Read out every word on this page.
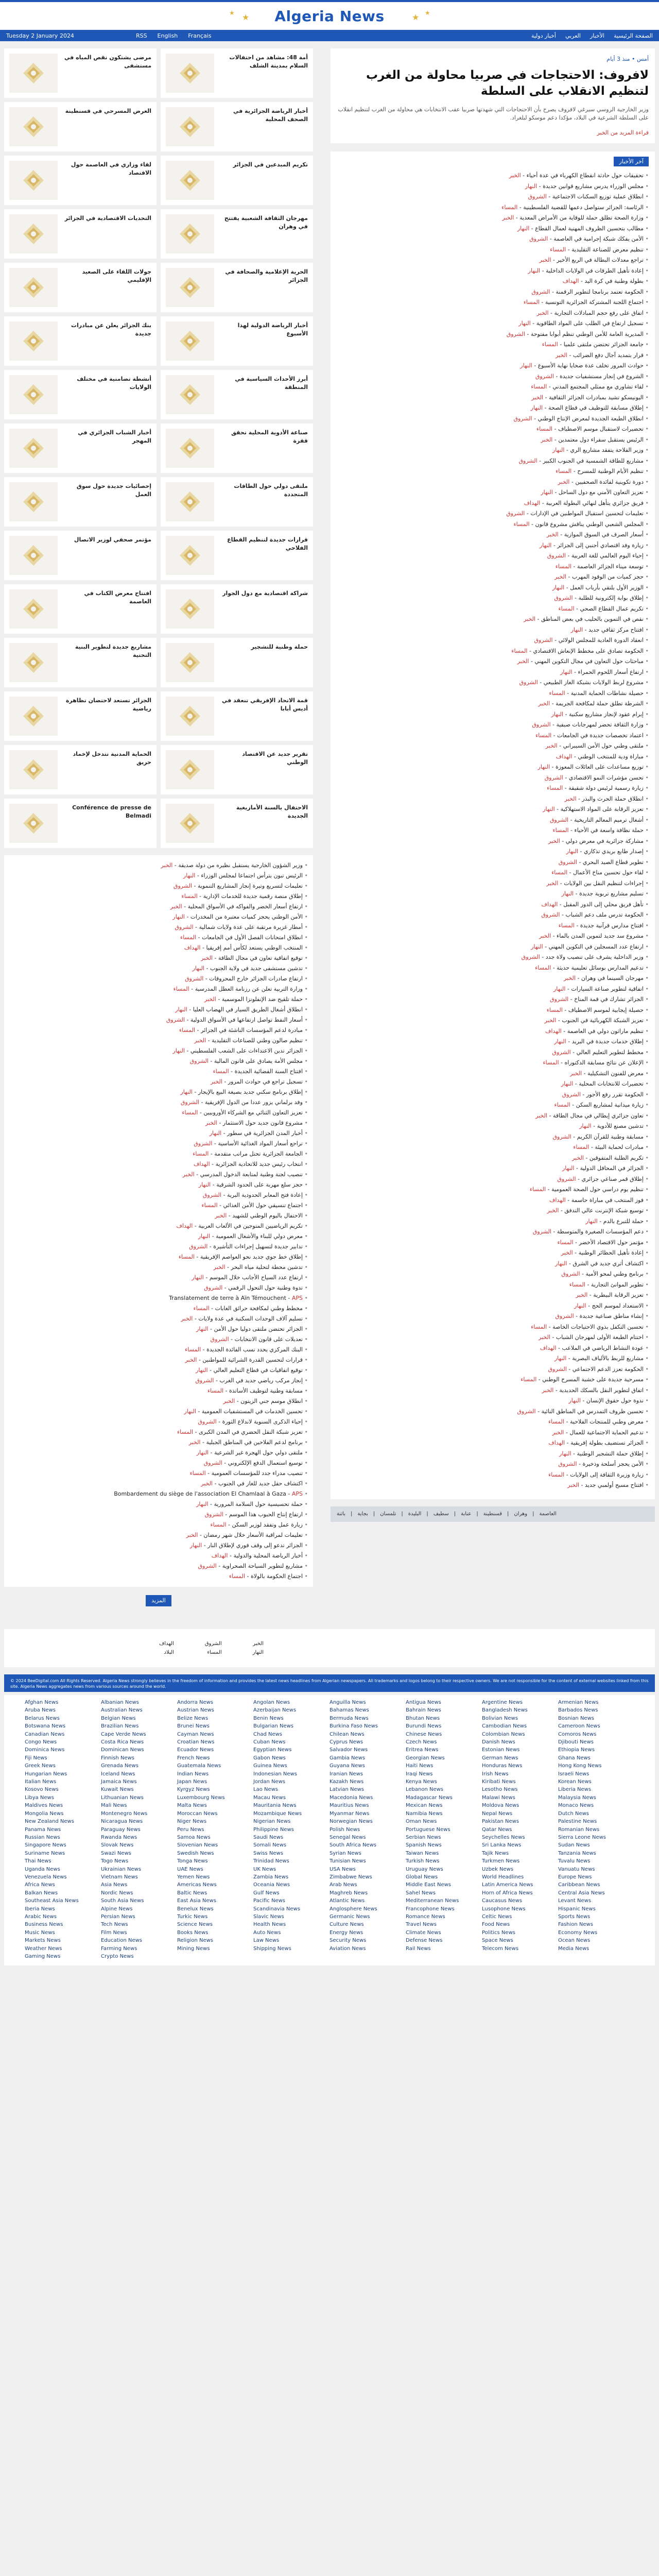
★ ★ Algeria News	★ ★
Tuesday 2 January 2024	RSS English Français	الصفحة الرئيسية
الأخبار
العربي
أخبار دولية
مرضى يشتكون نقص المياه في مستشفى
أمة 48: مشاهد من احتفالات السلام بمدينة الشلف
العرض المسرحي في قسنطينة	أخبار الرياضة الجزائرية في الصحف المحلية
لقاء وزاري في العاصمة حول الاقتصاد
تكريم المبدعين في الجزائر
التحديات الاقتصادية في الجزائر	مهرجان الثقافة الشعبية يفتتح في وهران
جولات اللقاء على الصعيد الإقليمي
الحرية الإعلامية والصحافة في الجزائر
بنك الجزائر يعلن عن مبادرات جديدة
أخبار الرياضة الدولية لهذا الأسبوع
أنشطة تضامنية في مختلف الولايات
أبرز الأحداث السياسية في المنطقة
أخبار الشباب الجزائري في المهجر
صناعة الأدوية المحلية تحقق قفزة
إحصائيات جديدة حول سوق العمل
ملتقى دولي حول الطاقات المتجددة
مؤتمر صحفي لوزير الاتصال	قرارات جديدة لتنظيم القطاع الفلاحي
افتتاح معرض الكتاب في العاصمة
شراكة اقتصادية مع دول الجوار
مشاريع جديدة لتطوير البنية التحتية
حملة وطنية للتشجير
الجزائر تستعد لاحتضان تظاهرة رياضية
قمة الاتحاد الإفريقي تنعقد في أديس أبابا
الحماية المدنية تتدخل لإخماد حريق
تقرير جديد عن الاقتصاد الوطني
Conférence de presse de Belmadi
الاحتفال بالسنة الأمازيغية الجديدة
• وزير الشؤون الخارجية يستقبل نظيره من دولة صديقة - الخبر
• الرئيس تبون يترأس اجتماعا لمجلس الوزراء - النهار
• تعليمات لتسريع وتيرة إنجاز المشاريع التنموية - الشروق
• إطلاق منصة رقمية جديدة للخدمات الإدارية - المساء
• ارتفاع أسعار الخضر والفواكه في الأسواق المحلية - الخبر
• الأمن الوطني يحجز كميات معتبرة من المخدرات - النهار
• أمطار غزيرة مرتقبة على عدة ولايات شمالية - الشروق
• انطلاق امتحانات الفصل الأول في الجامعات - المساء
• المنتخب الوطني يستعد لكأس أمم إفريقيا - الهداف
• توقيع اتفاقية تعاون في مجال الطاقة - الخبر
• تدشين مستشفى جديد في ولاية الجنوب - النهار
• ارتفاع صادرات الجزائر خارج المحروقات - الشروق
• وزارة التربية تعلن عن رزنامة العطل المدرسية - المساء
• حملة تلقيح ضد الإنفلونزا الموسمية - الخبر
• انطلاق أشغال الطريق السيار في الهضاب العليا - النهار
• أسعار النفط تواصل ارتفاعها في الأسواق الدولية - الشروق
• مبادرة لدعم المؤسسات الناشئة في الجزائر - المساء
• تنظيم صالون وطني للصناعات التقليدية - الخبر
• الجزائر تدين الاعتداءات على الشعب الفلسطيني - النهار
• مجلس الأمة يصادق على قانون المالية - الشروق
• افتتاح السنة القضائية الجديدة - المساء
• تسجيل تراجع في حوادث المرور - الخبر
• إطلاق برنامج سكني جديد بصيغة البيع بالإيجار - النهار
• وفد برلماني يزور عددا من الدول الإفريقية - الشروق
• تعزيز التعاون الثنائي مع الشركاء الأوروبيين - المساء
• مشروع قانون جديد حول الاستثمار - الخبر
• أخبار المدن الجزائرية في سطور - النهار
• تراجع أسعار المواد الغذائية الأساسية - الشروق
• الجامعة الجزائرية تحتل مراتب متقدمة - المساء
• انتخاب رئيس جديد للاتحادية الجزائرية - الهداف
• تنصيب لجنة وطنية لمتابعة الدخول المدرسي - الخبر
• حجز سلع مهربة على الحدود الشرقية - النهار
• إعادة فتح المعابر الحدودية البرية - الشروق
• اجتماع تنسيقي حول الأمن الغذائي - المساء
• الاحتفال باليوم الوطني للشهيد - الخبر
• تكريم الرياضيين المتوجين في الألعاب العربية - الهداف
• معرض دولي للبناء والأشغال العمومية - النهار
• تدابير جديدة لتسهيل إجراءات التأشيرة - الشروق
• إطلاق خط جوي جديد نحو العواصم الإفريقية - المساء
• تدشين محطة لتحلية مياه البحر - الخبر
• ارتفاع عدد السياح الأجانب خلال الموسم - النهار
• ندوة وطنية حول التحول الرقمي - الشروق
• Translatement de terre à Aïn Témouchent - APS
• مخطط وطني لمكافحة حرائق الغابات - المساء
• تسليم آلاف الوحدات السكنية في عدة ولايات - الخبر
• الجزائر تحتضن ملتقى دوليا حول الأمن - النهار
• تعديلات على قانون الانتخابات - الشروق
• البنك المركزي يحدد نسب الفائدة الجديدة - المساء
• قرارات لتحسين القدرة الشرائية للمواطنين - الخبر
• توقيع اتفاقيات في قطاع التعليم العالي - النهار
• إنجاز مركب رياضي جديد في الغرب - الشروق
• مسابقة وطنية لتوظيف الأساتذة - المساء
• انطلاق موسم جني الزيتون - الخبر
• تحسين الخدمات في المستشفيات العمومية - النهار
• إحياء الذكرى السنوية لاندلاع الثورة - الشروق
• تعزيز شبكة النقل الحضري في المدن الكبرى - المساء
• برنامج لدعم الفلاحين في المناطق الجبلية - الخبر
• ملتقى دولي حول الهجرة غير الشرعية - النهار
• توسيع استعمال الدفع الإلكتروني - الشروق
• تنصيب مدراء جدد للمؤسسات العمومية - المساء
• اكتشاف حقل جديد للغاز في الجنوب - الخبر
• Bombardement du siège de l'association El Chamlaal à Gaza - APS
• حملة تحسيسية حول السلامة المرورية - النهار
• ارتفاع إنتاج الحبوب هذا الموسم - الشروق
• زيارة عمل وتفقد لوزير السكن - المساء
• تعليمات لمراقبة الأسعار خلال شهر رمضان - الخبر
• الجزائر تدعو إلى وقف فوري لإطلاق النار - النهار
• أخبار الرياضة المحلية والدولية - الهداف
• مشاريع لتطوير السياحة الصحراوية - الشروق
• اجتماع الحكومة بالولاة - المساء
المزيد
أمس • منذ 3 أيام
لافروف: الاحتجاجات في صربيا محاولة من الغرب لتنظيم الانقلاب على السلطة
وزير الخارجية الروسي سيرغي لافروف يصرح بأن الاحتجاجات التي شهدتها صربيا عقب الانتخابات هي محاولة من الغرب لتنظيم انقلاب على السلطة الشرعية في البلاد، مؤكدا دعم موسكو لبلغراد.
قراءة المزيد من الخبر
آخر الأخبار
• تحقيقات حول حادثة انقطاع الكهرباء في عدة أحياء - الخبر
• مجلس الوزراء يدرس مشاريع قوانين جديدة - النهار
• انطلاق عملية توزيع السكنات الاجتماعية - الشروق
• الرئاسة: الجزائر ستواصل دعمها للقضية الفلسطينية - المساء
• وزارة الصحة تطلق حملة للوقاية من الأمراض المعدية - الخبر
• مطالب بتحسين الظروف المهنية لعمال القطاع - النهار
• الأمن يفكك شبكة إجرامية في العاصمة - الشروق
• تنظيم معرض للصناعة التقليدية - المساء
• تراجع معدلات البطالة في الربع الأخير - الخبر
• إعادة تأهيل الطرقات في الولايات الداخلية - النهار
• بطولة وطنية في كرة اليد - الهداف
• الحكومة تعتمد برنامجا لتطوير الرقمنة - الشروق
• اجتماع اللجنة المشتركة الجزائرية التونسية - المساء
• اتفاق على رفع حجم المبادلات التجارية - الخبر
• تسجيل ارتفاع في الطلب على المواد الطاقوية - النهار
• المديرية العامة للأمن الوطني تنظم أبوابا مفتوحة - الشروق
• جامعة الجزائر تحتضن ملتقى علميا - المساء
• قرار بتمديد آجال دفع الضرائب - الخبر
• حوادث المرور تخلف عدة ضحايا نهاية الأسبوع - النهار
• الشروع في إنجاز مستشفيات جديدة - الشروق
• لقاء تشاوري مع ممثلي المجتمع المدني - المساء
• اليونيسكو تشيد بمبادرات الجزائر الثقافية - الخبر
• إطلاق مسابقة للتوظيف في قطاع الصحة - النهار
• انطلاق الطبعة الجديدة لمعرض الإنتاج الوطني - الشروق
• تحضيرات لاستقبال موسم الاصطياف - المساء
• الرئيس يستقبل سفراء دول معتمدين - الخبر
• وزير الفلاحة يتفقد مشاريع الري - النهار
• مشاريع للطاقة الشمسية في الجنوب الكبير - الشروق
• تنظيم الأيام الوطنية للمسرح - المساء
• دورة تكوينية لفائدة الصحفيين - الخبر
• تعزيز التعاون الأمني مع دول الساحل - النهار
• فريق جزائري يتأهل لنهائي البطولة العربية - الهداف
• تعليمات لتحسين استقبال المواطنين في الإدارات - الشروق
• المجلس الشعبي الوطني يناقش مشروع قانون - المساء
• أسعار الصرف في السوق الموازية - الخبر
• زيارة وفد اقتصادي أجنبي إلى الجزائر - النهار
• إحياء اليوم العالمي للغة العربية - الشروق
• توسعة ميناء الجزائر العاصمة - المساء
• حجز كميات من الوقود المهرب - الخبر
• الوزير الأول يلتقي بأرباب العمل - النهار
• إطلاق بوابة إلكترونية للطلبة - الشروق
• تكريم عمال القطاع الصحي - المساء
• نقص في التموين بالحليب في بعض المناطق - الخبر
• افتتاح مركز ثقافي جديد - النهار
• انعقاد الدورة العادية للمجلس الولائي - الشروق
• الحكومة تصادق على مخطط الإنعاش الاقتصادي - المساء
• مباحثات حول التعاون في مجال التكوين المهني - الخبر
• ارتفاع أسعار اللحوم الحمراء - النهار
• مشروع لربط الولايات بشبكة الغاز الطبيعي - الشروق
• حصيلة نشاطات الحماية المدنية - المساء
• الشرطة تطلق حملة لمكافحة الجريمة - الخبر
• إبرام عقود لإنجاز مشاريع سكنية - النهار
• وزارة الثقافة تحضر لمهرجانات صيفية - الشروق
• اعتماد تخصصات جديدة في الجامعات - المساء
• ملتقى وطني حول الأمن السيبراني - الخبر
• مباراة ودية للمنتخب الوطني - الهداف
• توزيع مساعدات على العائلات المعوزة - النهار
• تحسن مؤشرات النمو الاقتصادي - الشروق
• زيارة رسمية لرئيس دولة شقيقة - المساء
• انطلاق حملة الحرث والبذر - الخبر
• تعزيز الرقابة على المواد الاستهلاكية - النهار
• أشغال ترميم المعالم التاريخية - الشروق
• حملة نظافة واسعة في الأحياء - المساء
• مشاركة جزائرية في معرض دولي - الخبر
• إصدار طابع بريدي تذكاري - النهار
• تطوير قطاع الصيد البحري - الشروق
• لقاء حول تحسين مناخ الأعمال - المساء
• إجراءات لتنظيم النقل بين الولايات - الخبر
• تسليم مشاريع تربوية جديدة - النهار
• تأهل فريق محلي إلى الدور المقبل - الهداف
• الحكومة تدرس ملف دعم الشباب - الشروق
• افتتاح مدارس قرآنية جديدة - المساء
• مشروع سد جديد لتموين المدن بالماء - الخبر
• ارتفاع عدد المسجلين في التكوين المهني - النهار
• وزير الداخلية يشرف على تنصيب ولاة جدد - الشروق
• تدعيم المدارس بوسائل تعليمية حديثة - المساء
• مهرجان السينما في وهران - الخبر
• اتفاقية لتطوير صناعة السيارات - النهار
• الجزائر تشارك في قمة المناخ - الشروق
• حصيلة إيجابية لموسم الاصطياف - المساء
• تعزيز الشبكة الكهربائية في الجنوب - الخبر
• تنظيم ماراثون دولي في العاصمة - الهداف
• إطلاق خدمات جديدة في البريد - النهار
• مخطط لتطوير التعليم العالي - الشروق
• الإعلان عن نتائج مسابقة الدكتوراه - المساء
• معرض للفنون التشكيلية - الخبر
• تحضيرات للانتخابات المحلية - النهار
• الحكومة تقرر رفع الأجور - الشروق
• زيارة ميدانية لمشاريع السكن - المساء
• تعاون جزائري إيطالي في مجال الطاقة - الخبر
• تدشين مصنع للأدوية - النهار
• مسابقة وطنية للقرآن الكريم - الشروق
• مبادرات لحماية البيئة - المساء
• تكريم الطلبة المتفوقين - الخبر
• الجزائر في المحافل الدولية - النهار
• إطلاق قمر صناعي جزائري - الشروق
• تنظيم يوم دراسي حول الصحة العمومية - المساء
• فوز المنتخب في مباراة حاسمة - الهداف
• توسيع شبكة الإنترنت عالي التدفق - الخبر
• حملة للتبرع بالدم - النهار
• دعم المؤسسات الصغيرة والمتوسطة - الشروق
• مؤتمر حول الاقتصاد الأخضر - المساء
• إعادة تأهيل الحظائر الوطنية - الخبر
• اكتشاف أثري جديد في الشرق - النهار
• برنامج وطني لمحو الأمية - الشروق
• تطوير الموانئ التجارية - المساء
• تعزيز الرقابة البيطرية - الخبر
• الاستعداد لموسم الحج - النهار
• إنشاء مناطق صناعية جديدة - الشروق
• تحسين التكفل بذوي الاحتياجات الخاصة - المساء
• اختتام الطبعة الأولى لمهرجان الشباب - الخبر
• عودة النشاط الرياضي في الملاعب - الهداف
• مشاريع للربط بالألياف البصرية - النهار
• الحكومة تعزز الدعم الاجتماعي - الشروق
• مسرحية جديدة على خشبة المسرح الوطني - المساء
• اتفاق لتطوير النقل بالسكك الحديدية - الخبر
• ندوة حول حقوق الإنسان - النهار
• تحسين ظروف التمدرس في المناطق النائية - الشروق
• معرض وطني للمنتجات الفلاحية - المساء
• تدعيم الحماية الاجتماعية للعمال - الخبر
• الجزائر تستضيف بطولة إفريقية - الهداف
• إطلاق حملة التشجير الوطنية - النهار
• الأمن يحجز أسلحة وذخيرة - الشروق
• زيارة وزيرة الثقافة إلى الولايات - المساء
• افتتاح مسبح أولمبي جديد - الخبر
العاصمة
|
وهران
|
قسنطينة
|
عنابة
|
سطيف
|
البليدة
|
تلمسان
|
بجاية
|
باتنة
الخبر
النهار
الشروق
المساء
الهداف
البلاد
© 2024 BeeDigital.com All Rights Reserved. Algeria News strongly believes in the freedom of information and provides the latest news headlines from Algerian newspapers. All trademarks and logos belong to their respective owners. We are not responsible for the content of external websites linked from this site. Algeria News aggregates news from various sources around the world.
Afghan News	Albanian News	Andorra News	Angolan News	Anguilla News	Antigua News	Argentine News	Armenian News
Aruba News	Australian News	Austrian News	Azerbaijan News	Bahamas News	Bahrain News	Bangladesh News	Barbados News
Belarus News	Belgian News	Belize News	Benin News	Bermuda News	Bhutan News	Bolivian News	Bosnian News
Botswana News	Brazilian News	Brunei News	Bulgarian News	Burkina Faso News	Burundi News	Cambodian News	Cameroon News
Canadian News	Cape Verde News	Cayman News	Chad News	Chilean News	Chinese News	Colombian News	Comoros News
Congo News	Costa Rica News	Croatian News	Cuban News	Cyprus News	Czech News	Danish News	Djibouti News
Dominica News	Dominican News	Ecuador News	Egyptian News	Salvador News	Eritrea News	Estonian News	Ethiopia News
Fiji News	Finnish News	French News	Gabon News	Gambia News	Georgian News	German News	Ghana News
Greek News	Grenada News	Guatemala News	Guinea News	Guyana News	Haiti News	Honduras News	Hong Kong News
Hungarian News	Iceland News	Indian News	Indonesian News	Iranian News	Iraqi News	Irish News	Israeli News
Italian News	Jamaica News	Japan News	Jordan News	Kazakh News	Kenya News	Kiribati News	Korean News
Kosovo News	Kuwait News	Kyrgyz News	Lao News	Latvian News	Lebanon News	Lesotho News	Liberia News
Libya News	Lithuanian News	Luxembourg News	Macau News	Macedonia News	Madagascar News	Malawi News	Malaysia News
Maldives News	Mali News	Malta News	Mauritania News	Mauritius News	Mexican News	Moldova News	Monaco News
Mongolia News	Montenegro News	Moroccan News	Mozambique News	Myanmar News	Namibia News	Nepal News	Dutch News
New Zealand News	Nicaragua News	Niger News	Nigerian News	Norwegian News	Oman News	Pakistan News	Palestine News
Panama News	Paraguay News	Peru News	Philippine News	Polish News	Portuguese News	Qatar News	Romanian News
Russian News	Rwanda News	Samoa News	Saudi News	Senegal News	Serbian News	Seychelles News	Sierra Leone News
Singapore News	Slovak News	Slovenian News	Somali News	South Africa News	Spanish News	Sri Lanka News	Sudan News
Suriname News	Swazi News	Swedish News	Swiss News	Syrian News	Taiwan News	Tajik News	Tanzania News
Thai News	Togo News	Tonga News	Trinidad News	Tunisian News	Turkish News	Turkmen News	Tuvalu News
Uganda News	Ukrainian News	UAE News	UK News	USA News	Uruguay News	Uzbek News	Vanuatu News
Venezuela News	Vietnam News	Yemen News	Zambia News	Zimbabwe News	Global News	World Headlines	Europe News
Africa News	Asia News	Americas News	Oceania News	Arab News	Middle East News	Latin America News	Caribbean News
Balkan News	Nordic News	Baltic News	Gulf News	Maghreb News	Sahel News	Horn of Africa News	Central Asia News
Southeast Asia News	South Asia News	East Asia News	Pacific News	Atlantic News	Mediterranean News	Caucasus News	Levant News
Iberia News	Alpine News	Benelux News	Scandinavia News	Anglosphere News	Francophone News	Lusophone News	Hispanic News
Arabic News	Persian News	Turkic News	Slavic News	Germanic News	Romance News	Celtic News	Sports News
Business News	Tech News	Science News	Health News	Culture News	Travel News	Food News	Fashion News
Music News	Film News	Books News	Auto News	Energy News	Climate News	Politics News	Economy News
Markets News	Education News	Religion News	Law News	Security News	Defense News	Space News	Ocean News
Weather News	Farming News	Mining News	Shipping News	Aviation News	Rail News	Telecom News	Media News
Gaming News	Crypto News
